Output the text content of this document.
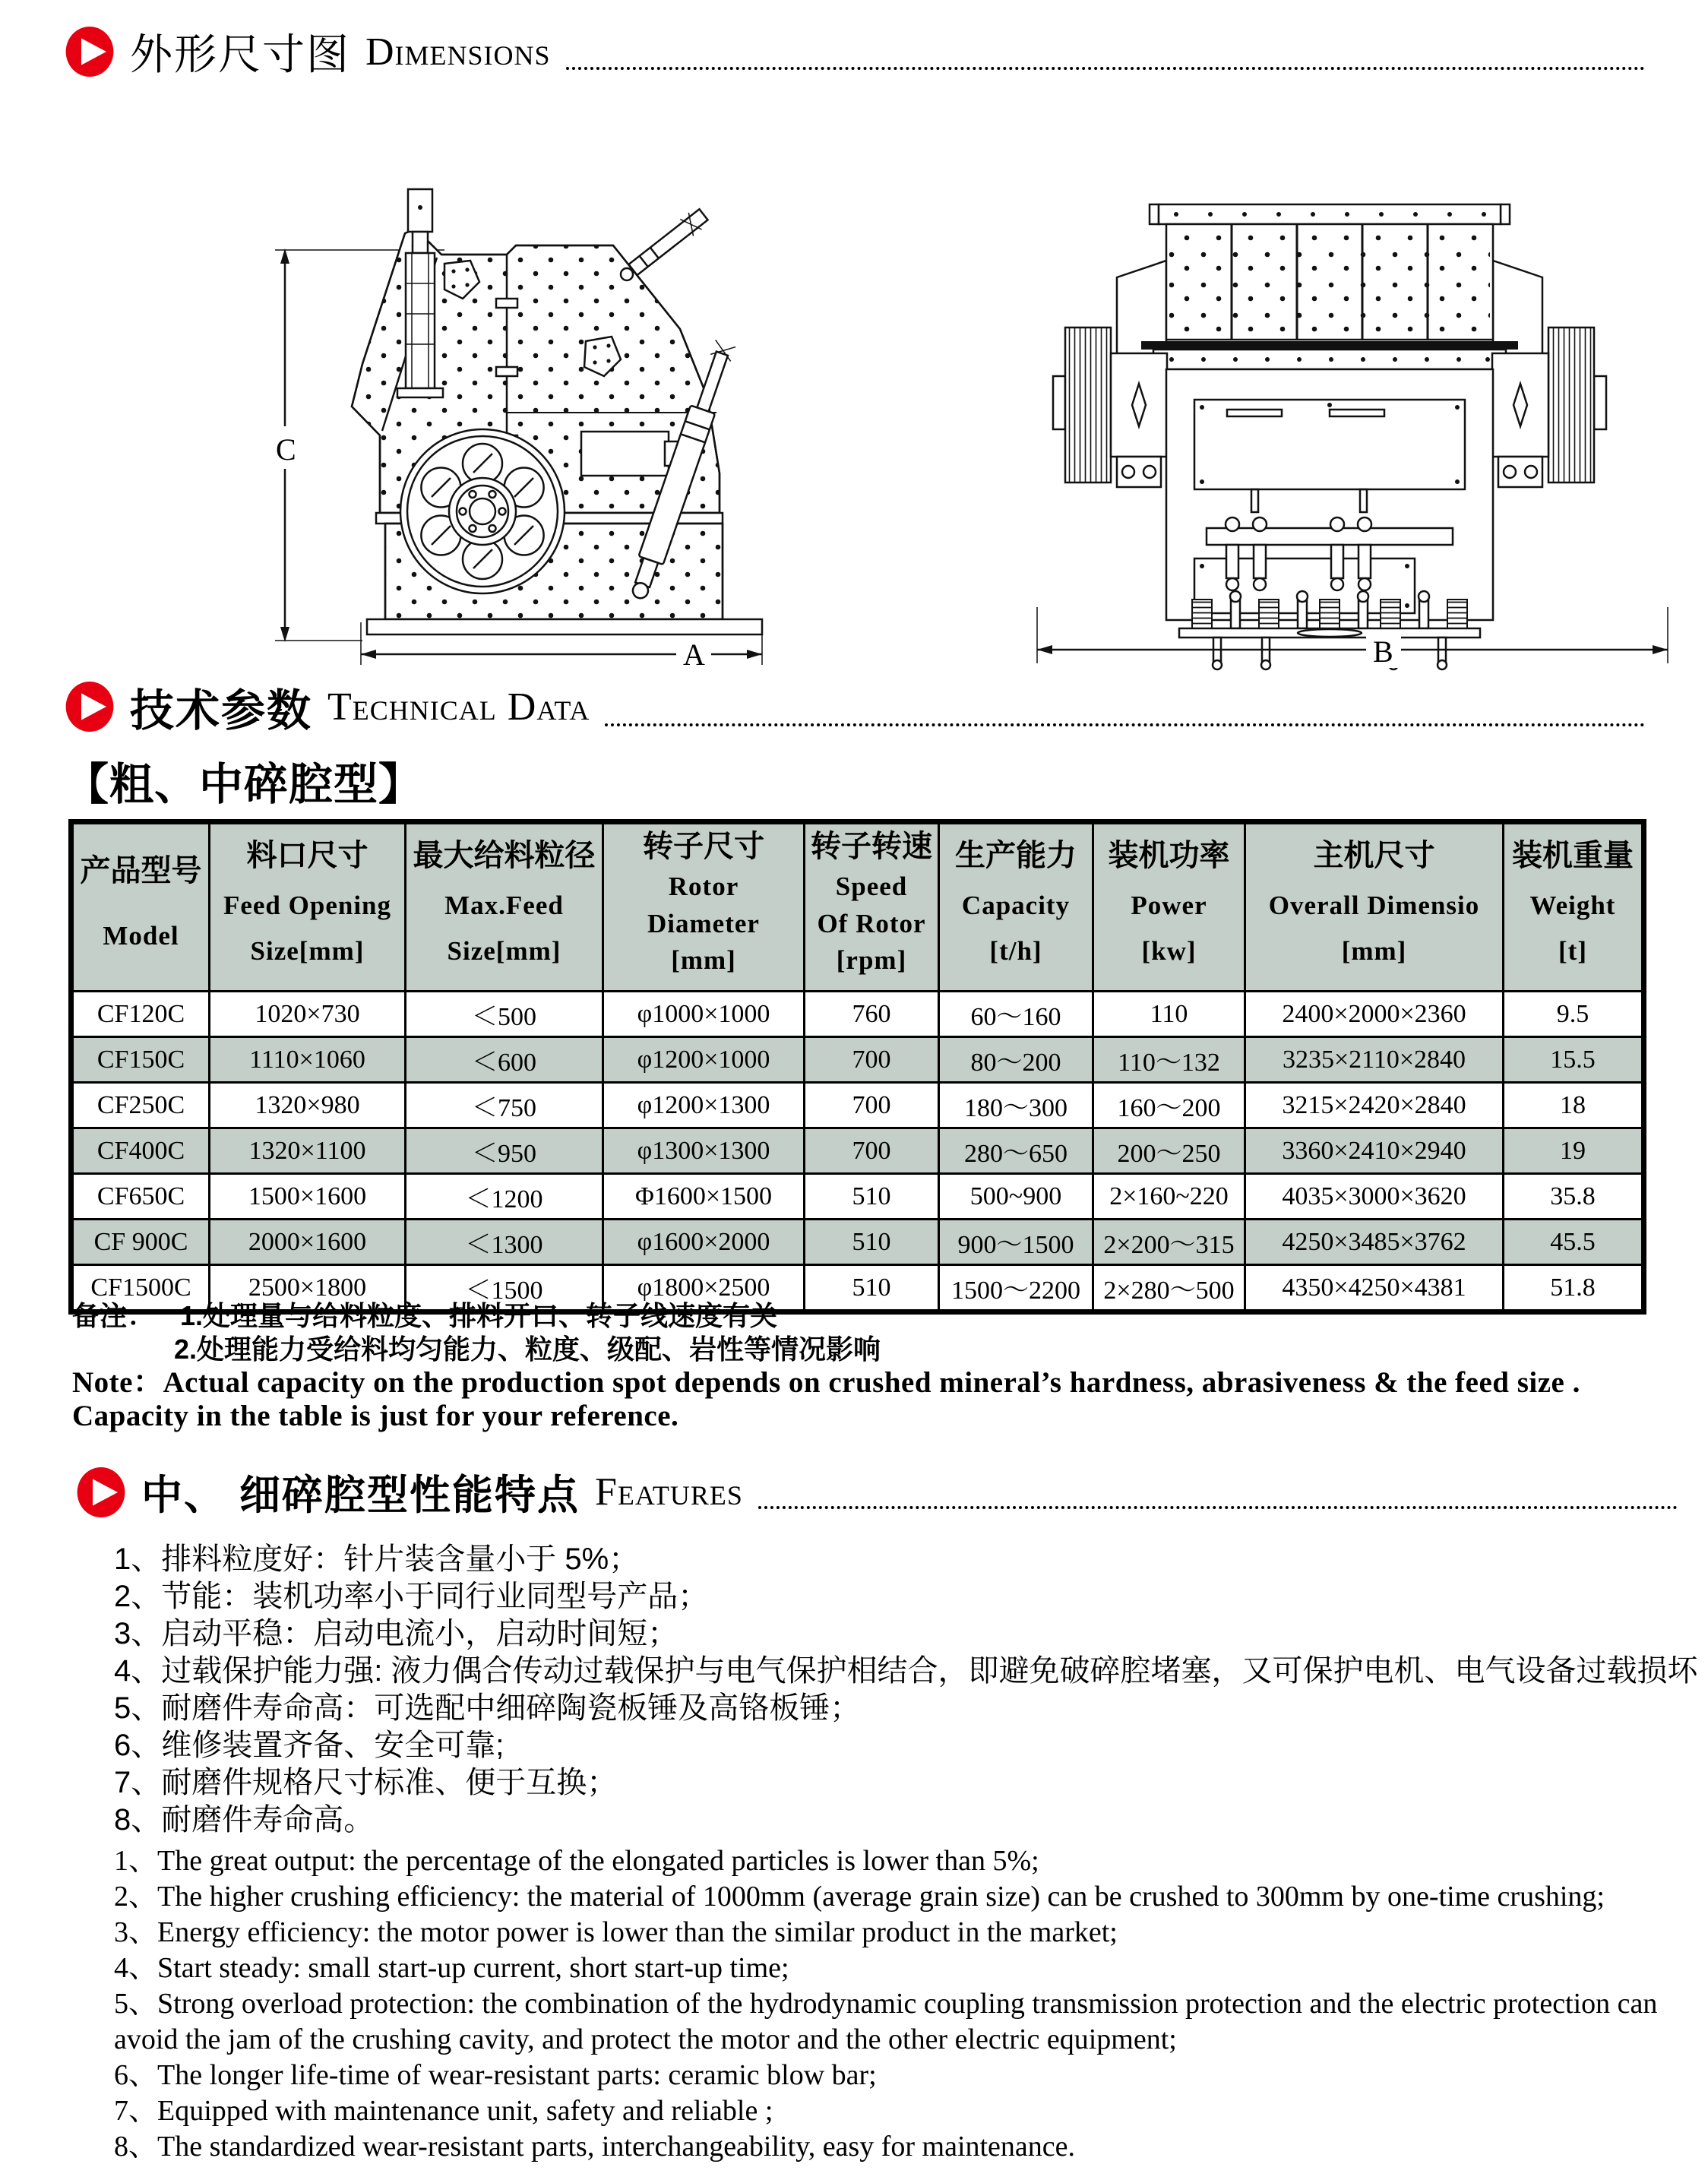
外形尺寸图 Dimensions
C
A	B
技术参数 Technical Data
【粗、中碎腔型】
产品型号
Model

料口尺寸
Feed Opening
Size[mm]

最大给料粒径
Max.Feed
Size[mm]

转子尺寸
Rotor
Diameter
[mm]

转子转速
Speed
Of Rotor
[rpm]

生产能力
Capacity
[t/h]

装机功率
Power
[kw]

主机尺寸
Overall Dimensio
[mm]

装机重量
Weight
[t]

CF120C	1020×730	＜500	φ1000×1000	760	60～160	110	2400×2000×2360	9.5
CF150C	1110×1060	＜600	φ1200×1000	700	80～200	110～132	3235×2110×2840	15.5
CF250C	1320×980	＜750	φ1200×1300	700	180～300	160～200	3215×2420×2840	18
CF400C	1320×1100	＜950	φ1300×1300	700	280～650	200～250	3360×2410×2940	19
CF650C	1500×1600	＜1200	Φ1600×1500	510	500~900	2×160~220	4035×3000×3620	35.8
CF 900C	2000×1600	＜1300	φ1600×2000	510	900～1500	2×200～315	4250×3485×3762	45.5
CF1500C	2500×1800	＜1500	φ1800×2500	510	1500～2200	2×280～500	4350×4250×4381	51.8
备注： 1.处理量与给料粒度、排料开口、转子线速度有关
2.处理能力受给料均匀能力、粒度、级配、岩性等情况影响
Note：Actual capacity on the production spot depends on crushed mineral’s hardness, abrasiveness & the feed size .
Capacity in the table is just for your reference.
中、 细碎腔型性能特点 Features
1、排料粒度好：针片装含量小于 5%；
2、节能：装机功率小于同行业同型号产品；
3、启动平稳：启动电流小，启动时间短；
4、过载保护能力强: 液力偶合传动过载保护与电气保护相结合，即避免破碎腔堵塞，又可保护电机、电气设备过载损坏
5、耐磨件寿命高：可选配中细碎陶瓷板锤及高铬板锤；
6、维修装置齐备、安全可靠;
7、耐磨件规格尺寸标准、便于互换；
8、耐磨件寿命高。
1、The great output: the percentage of the elongated particles is lower than 5%;
2、The higher crushing efficiency: the material of 1000mm (average grain size) can be crushed to 300mm by one-time crushing;
3、Energy efficiency: the motor power is lower than the similar product in the market;
4、Start steady: small start-up current, short start-up time;
5、Strong overload protection: the combination of the hydrodynamic coupling transmission protection and the electric protection can avoid the jam of the crushing cavity, and protect the motor and the other electric equipment;
6、The longer life-time of wear-resistant parts: ceramic blow bar;
7、Equipped with maintenance unit, safety and reliable ;
8、The standardized wear-resistant parts, interchangeability, easy for maintenance.
